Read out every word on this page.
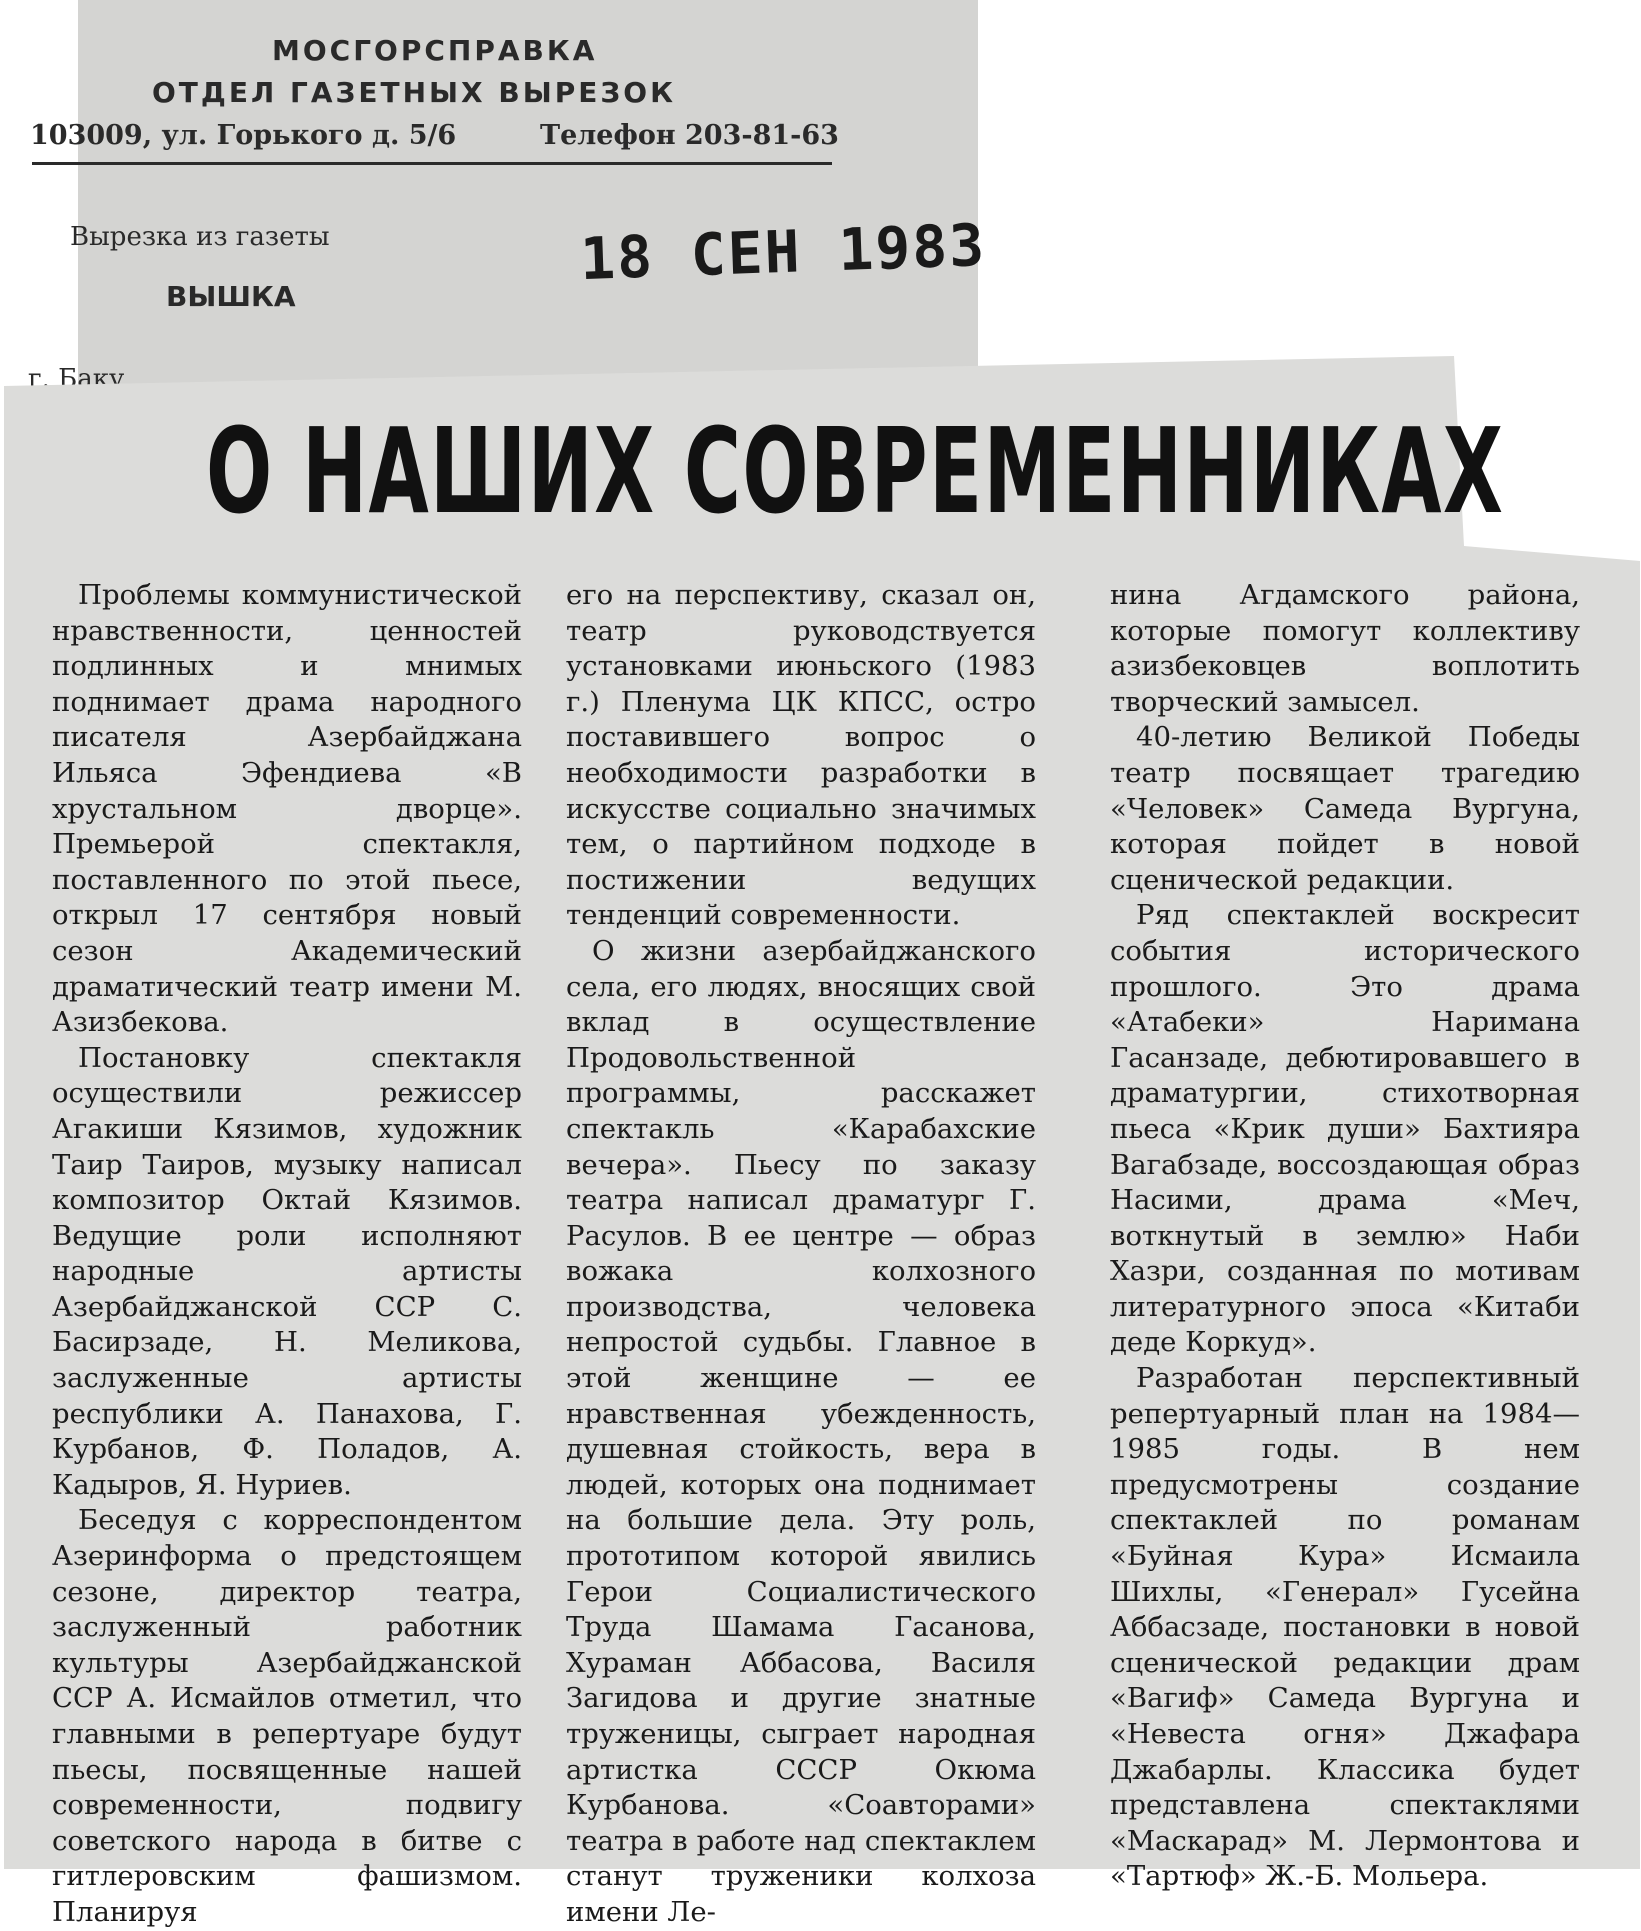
МОСГОРСПРАВКА
ОТДЕЛ ГАЗЕТНЫХ ВЫРЕЗОК
103009, ул. Горького д. 5/6	Телефон 203-81-63
Вырезка из газеты
ВЫШКА
г. Баку
18 СЕН 1983
О НАШИХ СОВРЕМЕННИКАХ

Проблемы коммунистической нравственности, ценностей подлинных и мнимых поднимает драма народного писателя Азербайджана Ильяса Эфендиева «В хрустальном дворце». Премьерой спектакля, поставленного по этой пьесе, открыл 17 сентября новый сезон Академический драматический театр имени М. Азизбекова.

Постановку спектакля осуществили режиссер Агакиши Кязимов, художник Таир Таиров, музыку написал композитор Октай Кязимов. Ведущие роли исполняют народные артисты Азербайджанской ССР С. Басирзаде, Н. Меликова, заслуженные артисты республики А. Панахова, Г. Курбанов, Ф. Поладов, А. Кадыров, Я. Нуриев.

Беседуя с корреспондентом Азеринформа о предстоящем сезоне, директор театра, заслуженный работник культуры Азербайджанской ССР А. Исмайлов отметил, что главными в репертуаре будут пьесы, посвященные нашей современности, подвигу советского народа в битве с гитлеровским фашизмом. Планируя

его на перспективу, сказал он, театр руководствуется установками июньского (1983 г.) Пленума ЦК КПСС, остро поставившего вопрос о необходимости разработки в искусстве социально значимых тем, о партийном подходе в постижении ведущих тенденций современности.

О жизни азербайджанского села, его людях, вносящих свой вклад в осуществление Продовольственной программы, расскажет спектакль «Карабахские вечера». Пьесу по заказу театра написал драматург Г. Расулов. В ее центре — образ вожака колхозного производства, человека непростой судьбы. Главное в этой женщине — ее нравственная убежденность, душевная стойкость, вера в людей, которых она поднимает на большие дела. Эту роль, прототипом которой явились Герои Социалистического Труда Шамама Гасанова, Хураман Аббасова, Василя Загидова и другие знатные труженицы, сыграет народная артистка СССР Окюма Курбанова. «Соавторами» театра в работе над спектаклем станут труженики колхоза имени Ле-

нина Агдамского района, которые помогут коллективу азизбековцев воплотить творческий замысел.

40-летию Великой Победы театр посвящает трагедию «Человек» Самеда Вургуна, которая пойдет в новой сценической редакции.

Ряд спектаклей воскресит события исторического прошлого. Это драма «Атабеки» Наримана Гасанзаде, дебютировавшего в драматургии, стихотворная пьеса «Крик души» Бахтияра Вагабзаде, воссоздающая образ Насими, драма «Меч, воткнутый в землю» Наби Хазри, созданная по мотивам литературного эпоса «Китаби деде Коркуд».

Разработан перспективный репертуарный план на 1984—1985 годы. В нем предусмотрены создание спектаклей по романам «Буйная Кура» Исмаила Шихлы, «Генерал» Гусейна Аббасзаде, постановки в новой сценической редакции драм «Вагиф» Самеда Вургуна и «Невеста огня» Джафара Джабарлы. Классика будет представлена спектаклями «Маскарад» М. Лермонтова и «Тартюф» Ж.-Б. Мольера.
